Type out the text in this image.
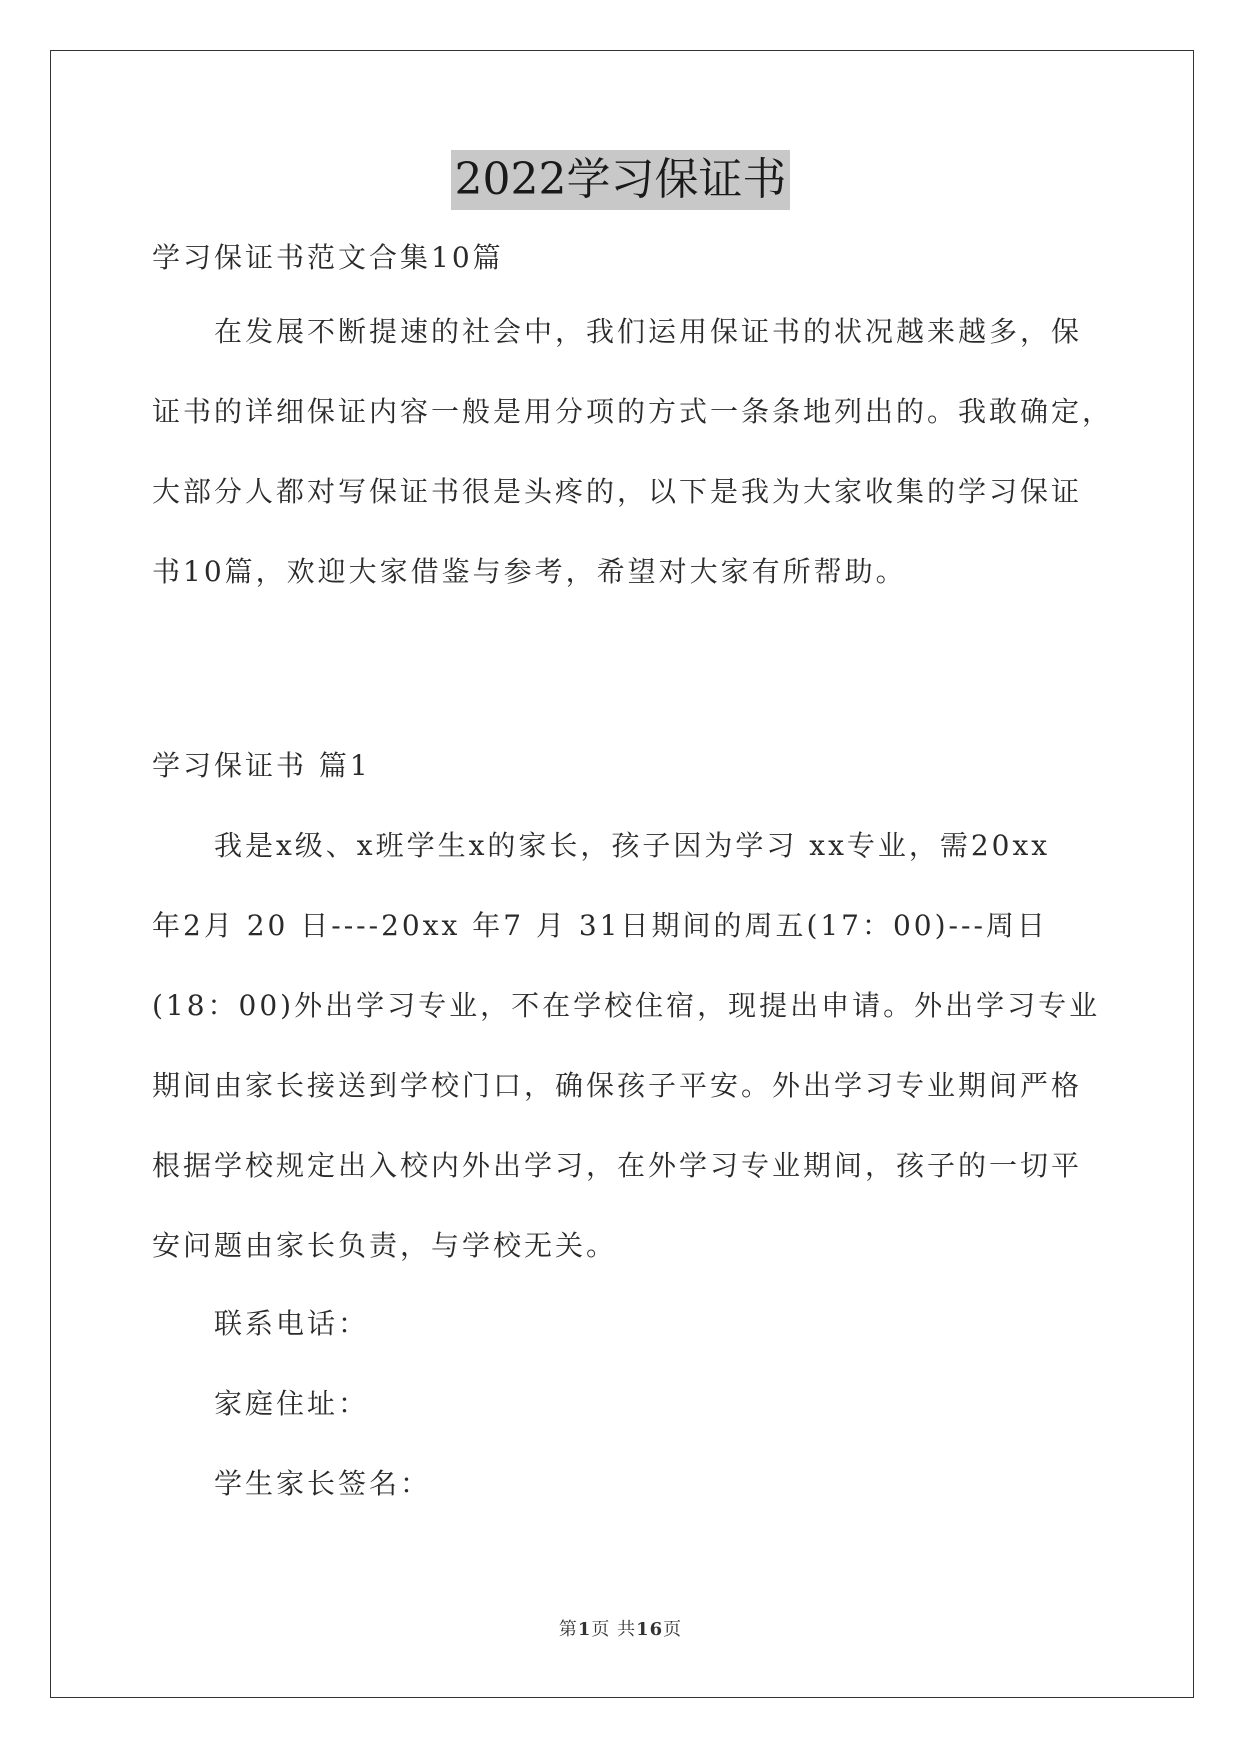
2022学习保证书
学习保证书范文合集10篇
在发展不断提速的社会中，我们运用保证书的状况越来越多，保
证书的详细保证内容一般是用分项的方式一条条地列出的。我敢确定，
大部分人都对写保证书很是头疼的，以下是我为大家收集的学习保证
书10篇，欢迎大家借鉴与参考，希望对大家有所帮助。
学习保证书 篇1
我是x级、x班学生x的家长，孩子因为学习 xx专业，需20xx
年2月 20 日----20xx 年7 月 31日期间的周五(17：00)---周日
(18：00)外出学习专业，不在学校住宿，现提出申请。外出学习专业
期间由家长接送到学校门口，确保孩子平安。外出学习专业期间严格
根据学校规定出入校内外出学习，在外学习专业期间，孩子的一切平
安问题由家长负责，与学校无关。
联系电话：
家庭住址：
学生家长签名：
第1页 共16页
